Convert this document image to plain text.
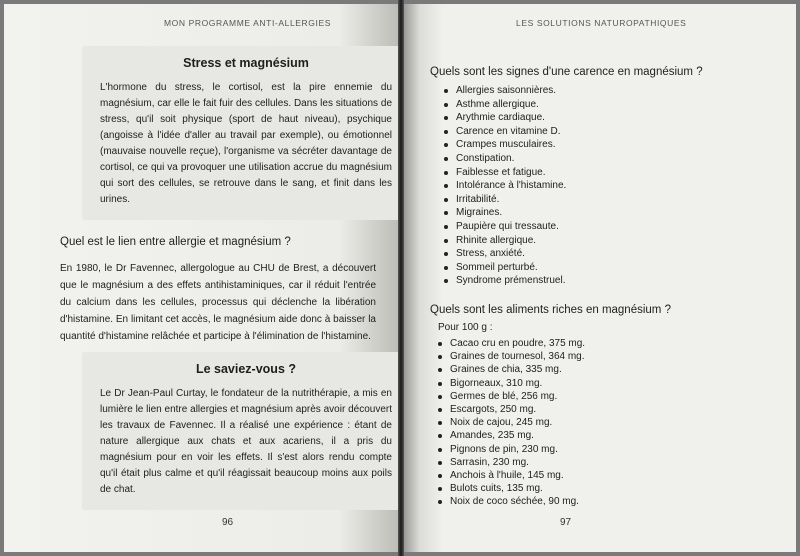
MON PROGRAMME ANTI-ALLERGIES
Stress et magnésium

L'hormone du stress, le cortisol, est la pire ennemie du magnésium, car elle le fait fuir des cellules. Dans les situations de stress, qu'il soit physique (sport de haut niveau), psychique (angoisse à l'idée d'aller au travail par exemple), ou émotionnel (mauvaise nouvelle reçue), l'organisme va sécréter davantage de cortisol, ce qui va provoquer une utilisation accrue du magnésium qui sort des cellules, se retrouve dans le sang, et finit dans les urines.

Quel est le lien entre allergie et magnésium ?

En 1980, le Dr Favennec, allergologue au CHU de Brest, a découvert que le magnésium a des effets antihistaminiques, car il réduit l'entrée du calcium dans les cellules, processus qui déclenche la libération d'histamine. En limitant cet accès, le magnésium aide donc à baisser la quantité d'histamine relâchée et participe à l'élimination de l'histamine.

Le saviez-vous ?

Le Dr Jean-Paul Curtay, le fondateur de la nutrithérapie, a mis en lumière le lien entre allergies et magnésium après avoir découvert les travaux de Favennec. Il a réalisé une expérience : étant de nature allergique aux chats et aux acariens, il a pris du magnésium pour en voir les effets. Il s'est alors rendu compte qu'il était plus calme et qu'il réagissait beaucoup moins aux poils de chat.

96
LES SOLUTIONS NATUROPATHIQUES
Quels sont les signes d'une carence en magnésium ?
Allergies saisonnières.
Asthme allergique.
Arythmie cardiaque.
Carence en vitamine D.
Crampes musculaires.
Constipation.
Faiblesse et fatigue.
Intolérance à l'histamine.
Irritabilité.
Migraines.
Paupière qui tressaute.
Rhinite allergique.
Stress, anxiété.
Sommeil perturbé.
Syndrome prémenstruel.
Quels sont les aliments riches en magnésium ?

Pour 100 g :

Cacao cru en poudre, 375 mg.
Graines de tournesol, 364 mg.
Graines de chia, 335 mg.
Bigorneaux, 310 mg.
Germes de blé, 256 mg.
Escargots, 250 mg.
Noix de cajou, 245 mg.
Amandes, 235 mg.
Pignons de pin, 230 mg.
Sarrasin, 230 mg.
Anchois à l'huile, 145 mg.
Bulots cuits, 135 mg.
Noix de coco séchée, 90 mg.
97
